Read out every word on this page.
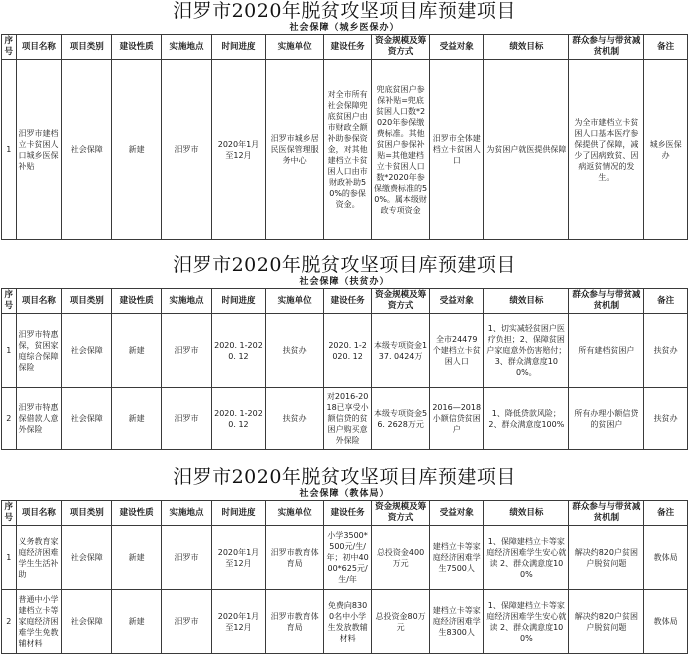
汨罗市2020年脱贫攻坚项目库预建项目
社会保障（城乡医保办）
序号	项目名称	项目类别	建设性质	实施地点	时间进度	实施单位	建设任务	资金规模及筹资方式	受益对象	绩效目标	群众参与与带贫减贫机制	备注
1	汨罗市建档立卡贫困人口城乡医保补贴	社会保障	新建	汨罗市	2020年1月至12月	汨罗市城乡居民医保管理服务中心	对全市所有社会保障兜底贫困户由市财政全额补助参保资金，对其他建档立卡贫困人口由市财政补助50%的参保资金。	兜底贫困户参保补贴=兜底贫困人口数*2020年参保缴费标准。其他贫困户参保补贴=其他建档立卡贫困人口数*2020年参保缴费标准的50%。属本级财政专项资金	汨罗市全体建档立卡贫困人口	为贫困户就医提供保障	为全市建档立卡贫困人口基本医疗参保提供了保障，减少了因病致贫、因病返贫情况的发生。	城乡医保办
汨罗市2020年脱贫攻坚项目库预建项目
社会保障（扶贫办）
序号	项目名称	项目类别	建设性质	实施地点	时间进度	实施单位	建设任务	资金规模及筹资方式	受益对象	绩效目标	群众参与与带贫减贫机制	备注
1	汨罗市特惠保，贫困家庭综合保障保险	社会保障	新建	汨罗市	2020. 1-2020. 12	扶贫办	2020. 1-2020. 12	本级专项资金137. 0424万	全市24479个建档立卡贫困人口	1、切实减轻贫困户医疗负担；2、保障贫困户家庭意外伤害赔付；3、群众满意度100%。	所有建档贫困户	扶贫办
2	汨罗市特惠保借款人意外保险	社会保障	新建	汨罗市	2020. 1-2020. 12	扶贫办	对2016-2018已享受小额信贷的贫困户购买意外保险	本级专项资金56. 2628万元	2016—2018小额信贷贫困户	1、降低贷款风险；2、群众满意度100%	所有办理小额信贷的贫困户	扶贫办
汨罗市2020年脱贫攻坚项目库预建项目
社会保障（教体局）
序号	项目名称	项目类别	建设性质	实施地点	时间进度	实施单位	建设任务	资金规模及筹资方式	受益对象	绩效目标	群众参与与带贫减贫机制	备注
1	义务教育家庭经济困难学生生活补助	社会保障	新建	汨罗市	2020年1月至12月	汨罗市教育体育局	小学3500*500元/生/年；初中4000*625元/生/年	总投资金400万元	建档立卡等家庭经济困难学生7500人	1、保障建档立卡等家庭经济困难学生安心就读 2、群众满意度100%	解决约820户贫困户脱贫问题	教体局
2	普通中小学建档立卡等家庭经济困难学生免教辅材料	社会保障	新建	汨罗市	2020年1月至12月	汨罗市教育体育局	免费向8300名中小学生发放教辅材料	总投资金80万元	建档立卡等家庭经济困难学生8300人	1、保障建档立卡等家庭经济困难学生安心就读 2、群众满意度100%	解决约820户贫困户脱贫问题	教体局
